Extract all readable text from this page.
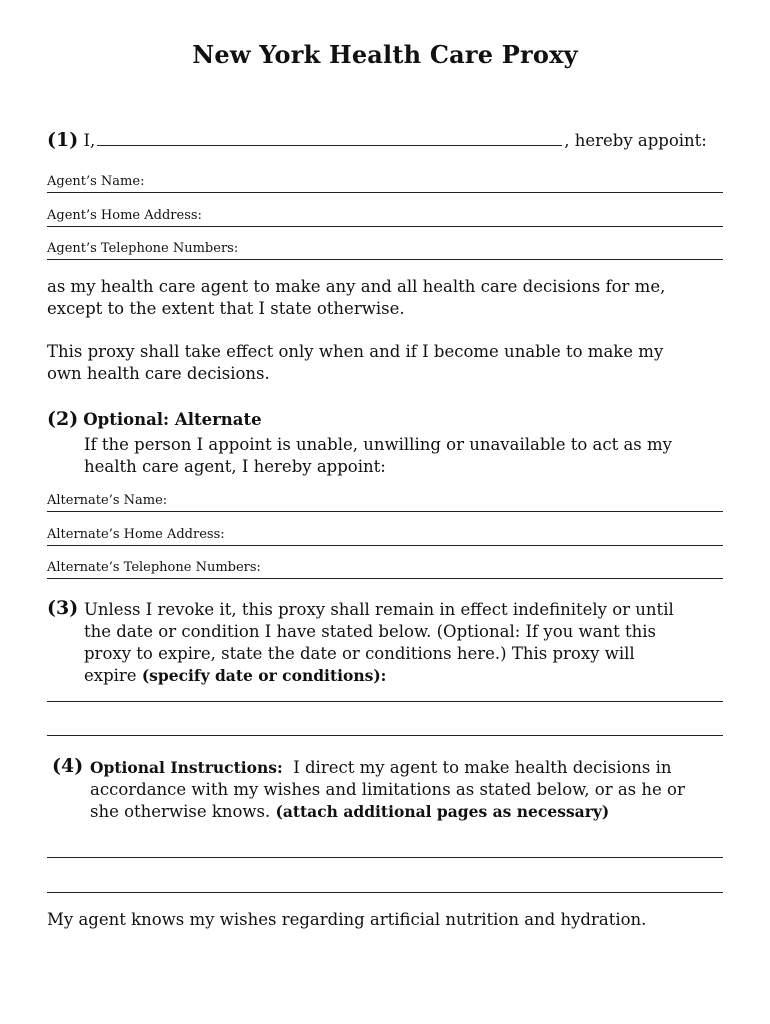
New York Health Care Proxy
(1) I,	, hereby appoint:
Agent’s Name:
Agent’s Home Address:
Agent’s Telephone Numbers:
as my health care agent to make any and all health care decisions for me,
except to the extent that I state otherwise.
This proxy shall take effect only when and if I become unable to make my
own health care decisions.
(2) Optional: Alternate
If the person I appoint is unable, unwilling or unavailable to act as my
health care agent, I hereby appoint:
Alternate’s Name:
Alternate’s Home Address:
Alternate’s Telephone Numbers:
(3) Unless I revoke it, this proxy shall remain in effect indefinitely or until
the date or condition I have stated below. (Optional: If you want this
proxy to expire, state the date or conditions here.) This proxy will
expire (specify date or conditions):
(4) Optional Instructions: I direct my agent to make health decisions in
accordance with my wishes and limitations as stated below, or as he or
she otherwise knows. (attach additional pages as necessary)
My agent knows my wishes regarding artificial nutrition and hydration.
